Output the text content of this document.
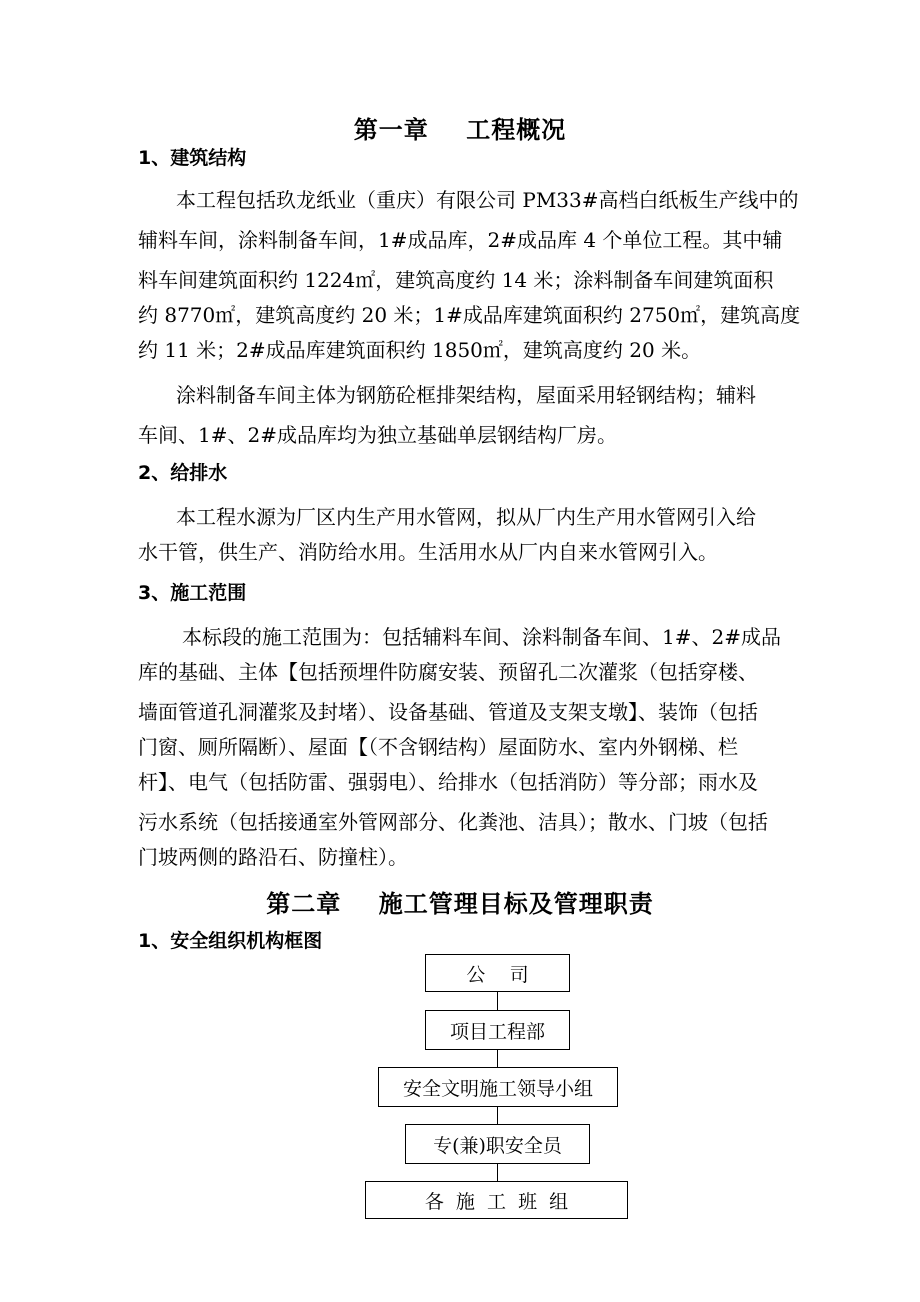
第一章    工程概况
1、建筑结构

本工程包括玖龙纸业（重庆）有限公司 PM33#高档白纸板生产线中的

辅料车间，涂料制备车间，1#成品库，2#成品库 4 个单位工程。其中辅

料车间建筑面积约 1224㎡，建筑高度约 14 米；涂料制备车间建筑面积

约 8770㎡，建筑高度约 20 米；1#成品库建筑面积约 2750㎡，建筑高度

约 11 米；2#成品库建筑面积约 1850㎡，建筑高度约 20 米。

涂料制备车间主体为钢筋砼框排架结构，屋面采用轻钢结构；辅料

车间、1#、2#成品库均为独立基础单层钢结构厂房。

2、给排水

本工程水源为厂区内生产用水管网，拟从厂内生产用水管网引入给

水干管，供生产、消防给水用。生活用水从厂内自来水管网引入。

3、施工范围

本标段的施工范围为：包括辅料车间、涂料制备车间、1#、2#成品

库的基础、主体【包括预埋件防腐安装、预留孔二次灌浆（包括穿楼、

墙面管道孔洞灌浆及封堵）、设备基础、管道及支架支墩】、装饰（包括

门窗、厕所隔断）、屋面【（不含钢结构）屋面防水、室内外钢梯、栏

杆】、电气（包括防雷、强弱电）、给排水（包括消防）等分部；雨水及

污水系统（包括接通室外管网部分、化粪池、洁具）；散水、门坡（包括

门坡两侧的路沿石、防撞柱）。

第二章    施工管理目标及管理职责
1、安全组织机构框图
公    司
项目工程部
安全文明施工领导小组
专(兼)职安全员
各  施  工  班  组
